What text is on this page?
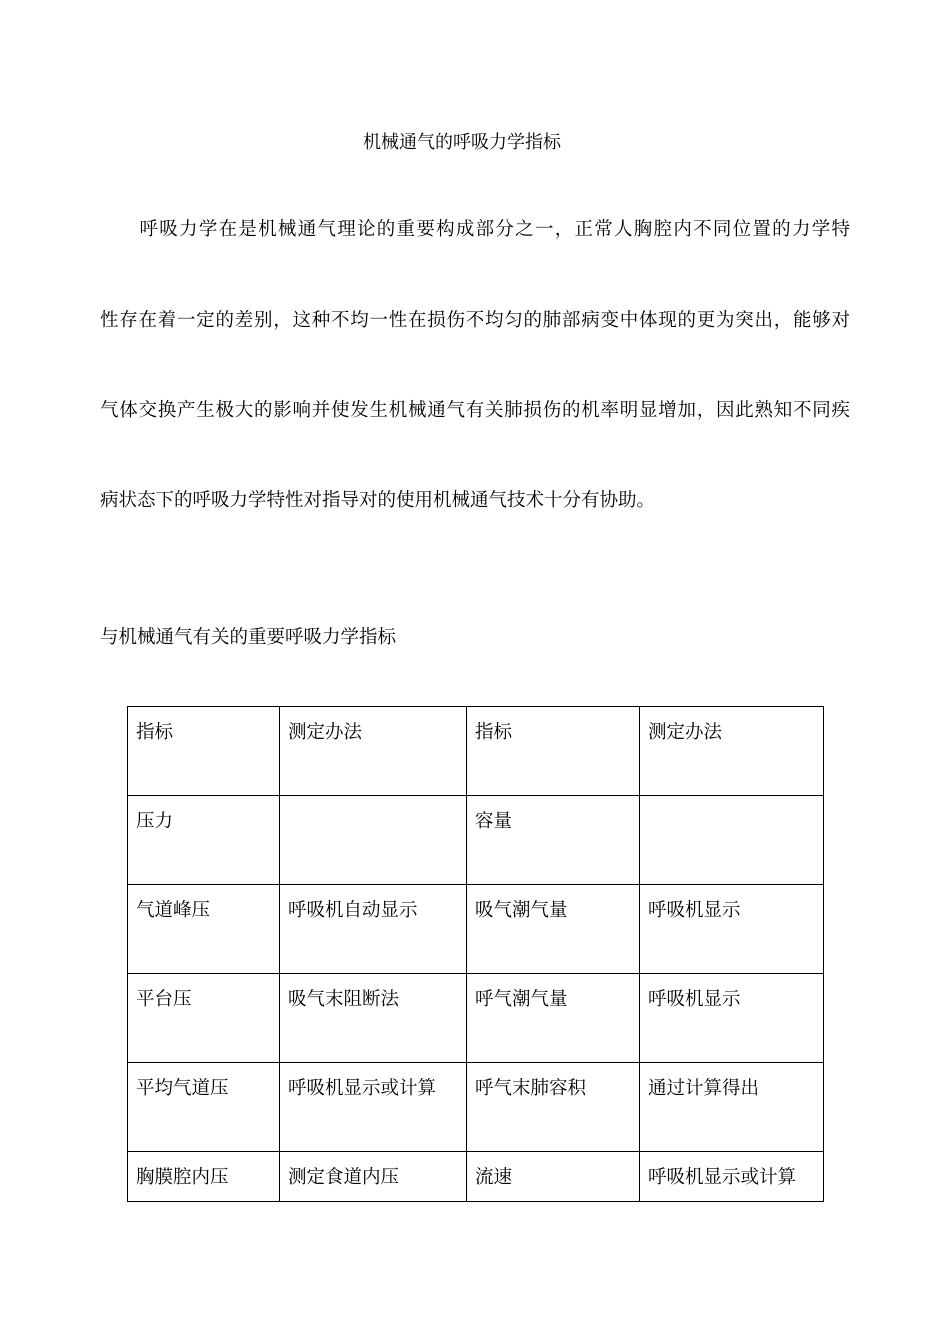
机械通气的呼吸力学指标

　　呼吸力学在是机械通气理论的重要构成部分之一，正常人胸腔内不同位置的力学特

性存在着一定的差别，这种不均一性在损伤不均匀的肺部病变中体现的更为突出，能够对

气体交换产生极大的影响并使发生机械通气有关肺损伤的机率明显增加，因此熟知不同疾

病状态下的呼吸力学特性对指导对的使用机械通气技术十分有协助。

与机械通气有关的重要呼吸力学指标
指标	测定办法	指标	测定办法
压力		容量	
气道峰压	呼吸机自动显示	吸气潮气量	呼吸机显示
平台压	吸气末阻断法	呼气潮气量	呼吸机显示
平均气道压	呼吸机显示或计算	呼气末肺容积	通过计算得出
胸膜腔内压	测定食道内压	流速	呼吸机显示或计算
